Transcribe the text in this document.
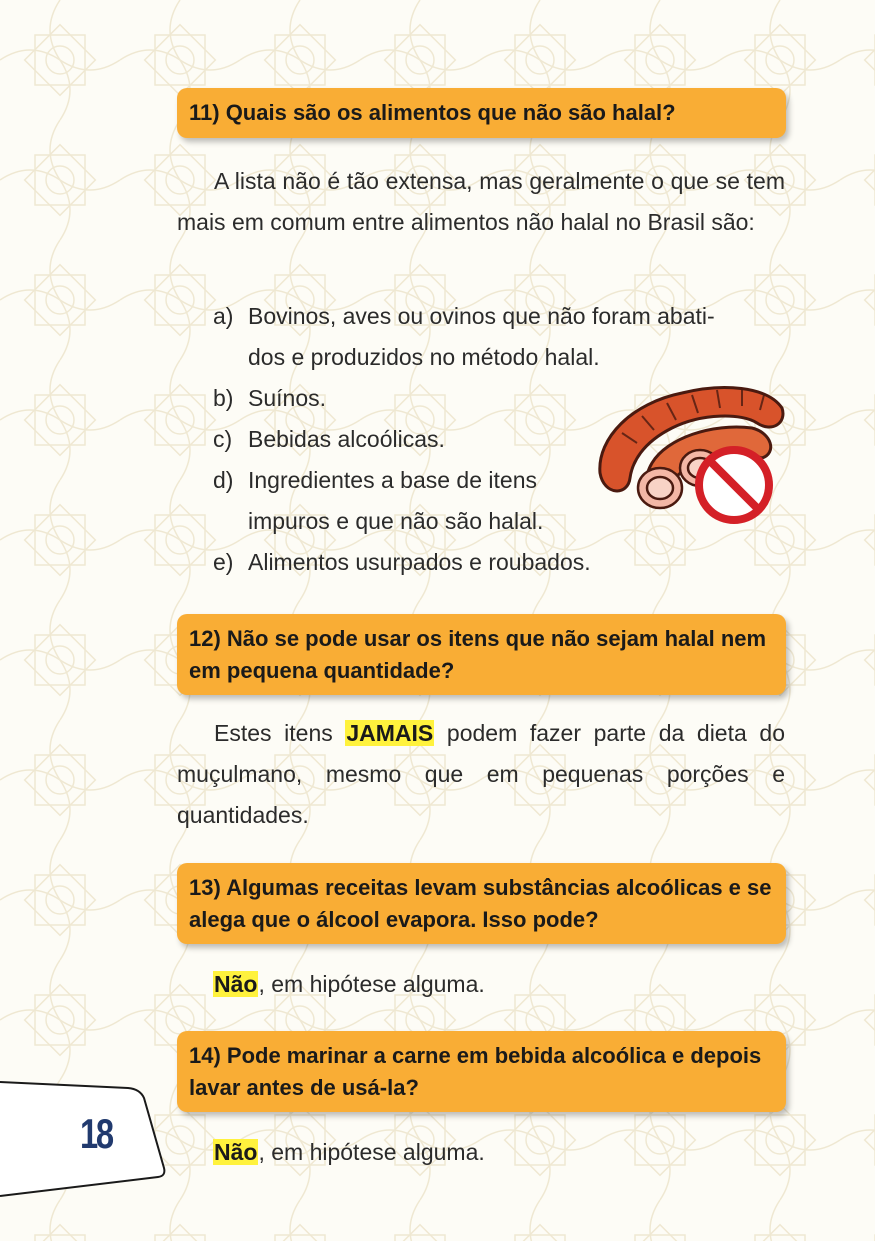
11) Quais são os alimentos que não são halal?

A lista não é tão extensa, mas geralmente o que se tem mais em comum entre alimentos não halal no Brasil são:

a) Bovinos, aves ou ovinos que não foram abati-
dos e produzidos no método halal.
b) Suínos.
c) Bebidas alcoólicas.
d) Ingredientes a base de itens
impuros e que não são halal.
e) Alimentos usurpados e roubados.
12) Não se pode usar os itens que não sejam halal nem em pequena quantidade?

Estes itens JAMAIS podem fazer parte da dieta do muçulmano, mesmo que em pequenas porções e quantidades.

13) Algumas receitas levam substâncias alcoólicas e se alega que o álcool evapora. Isso pode?

Não, em hipótese alguma.

14) Pode marinar a carne em bebida alcoólica e depois lavar antes de usá-la?
18	Não, em hipótese alguma.
